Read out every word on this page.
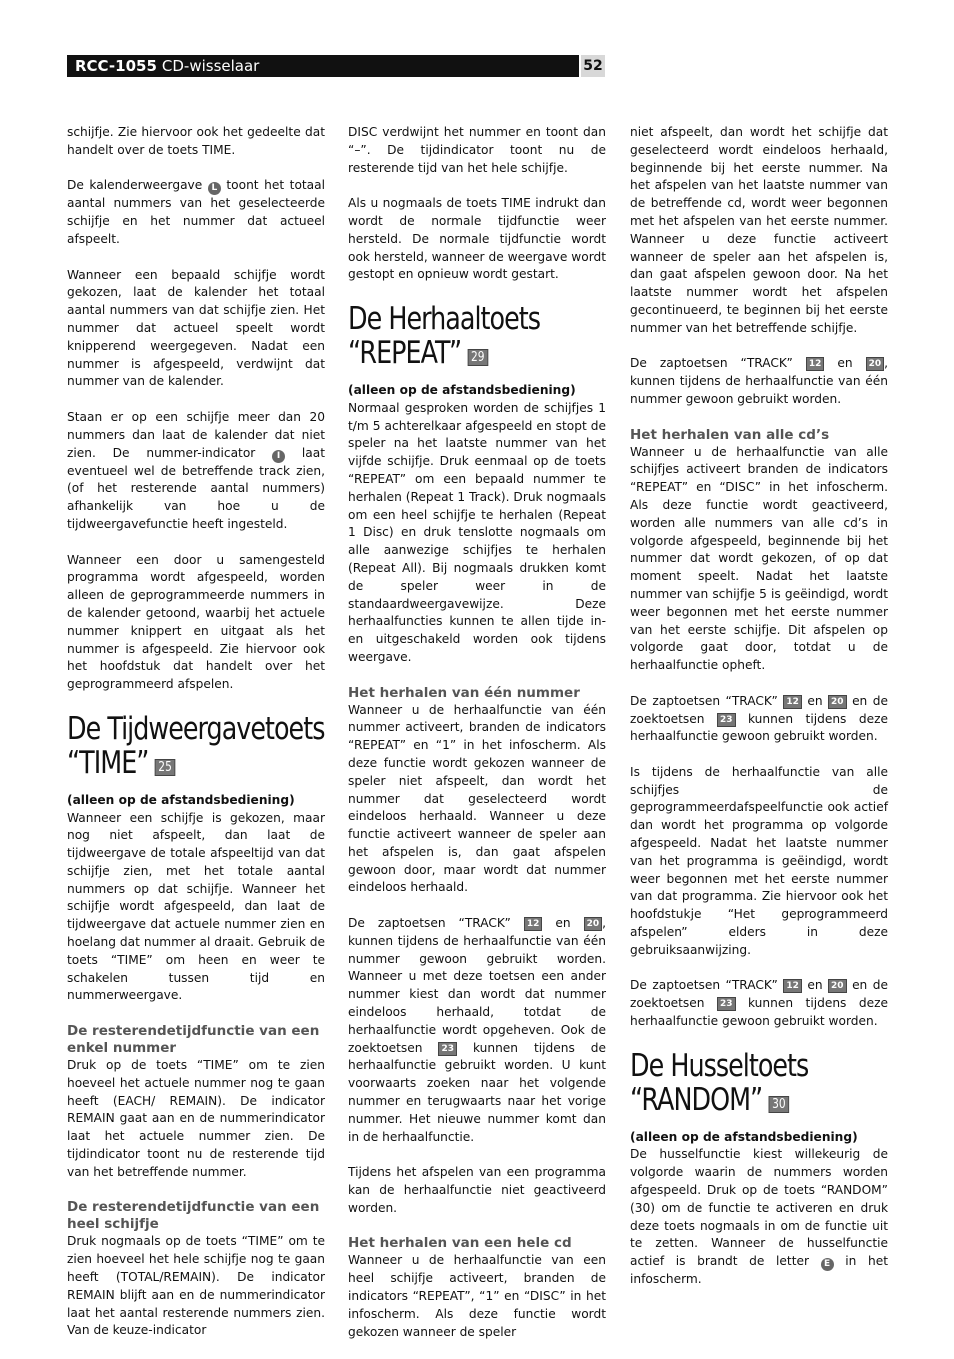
RCC-1055 CD-wisselaar	52

schijfje. Zie hiervoor ook het gedeelte dat handelt over de toets TIME.

De kalenderweergave L toont het totaal aantal nummers van het geselecteerde schijfje en het nummer dat actueel afspeelt.

Wanneer een bepaald schijfje wordt gekozen, laat de kalender het totaal aantal nummers van dat schijfje zien. Het nummer dat actueel speelt wordt knipperend weergegeven. Nadat een nummer is afgespeeld, verdwijnt dat nummer van de kalender.

Staan er op een schijfje meer dan 20 nummers dan laat de kalender dat niet zien. De nummer-indicator I laat eventueel wel de betreffende track zien, (of het resterende aantal nummers) afhankelijk van hoe u de tijdweergavefunctie heeft ingesteld.

Wanneer een door u samengesteld programma wordt afgespeeld, worden alleen de geprogrammeerde nummers in de kalender getoond, waarbij het actuele nummer knippert en uitgaat als het nummer is afgespeeld. Zie hiervoor ook het hoofdstuk dat handelt over het geprogrammeerd afspelen.

De Tijdweergavetoets
“TIME” 25

(alleen op de afstandsbediening)

Wanneer een schijfje is gekozen, maar nog niet afspeelt, dan laat de tijdweergave de totale afspeeltijd van dat schijfje zien, met het totale aantal nummers op dat schijfje. Wanneer het schijfje wordt afgespeeld, dan laat de tijdweergave dat actuele nummer zien en hoelang dat nummer al draait. Gebruik de toets “TIME” om heen en weer te schakelen tussen tijd en nummerweergave.

De resterendetijdfunctie van een enkel nummer

Druk op de toets “TIME” om te zien hoeveel het actuele nummer nog te gaan heeft (EACH/ REMAIN). De indicator REMAIN gaat aan en de nummerindicator laat het actuele nummer zien. De tijdindicator toont nu de resterende tijd van het betreffende nummer.

De resterendetijdfunctie van een heel schijfje

Druk nogmaals op de toets “TIME” om te zien hoeveel het hele schijfje nog te gaan heeft (TOTAL/REMAIN). De indicator REMAIN blijft aan en de nummerindicator laat het aantal resterende nummers zien. Van de keuze-indicator

DISC verdwijnt het nummer en toont dan “–”. De tijdindicator toont nu de resterende tijd van het hele schijfje.

Als u nogmaals de toets TIME indrukt dan wordt de normale tijdfunctie weer hersteld. De normale tijdfunctie wordt ook hersteld, wanneer de weergave wordt gestopt en opnieuw wordt gestart.

De Herhaaltoets
“REPEAT” 29

(alleen op de afstandsbediening)

Normaal gesproken worden de schijfjes 1 t/m 5 achterelkaar afgespeeld en stopt de speler na het laatste nummer van het vijfde schijfje. Druk eenmaal op de toets “REPEAT” om een bepaald nummer te herhalen (Repeat 1 Track). Druk nogmaals om een heel schijfje te herhalen (Repeat 1 Disc) en druk tenslotte nogmaals om alle aanwezige schijfjes te herhalen (Repeat All). Bij nogmaals drukken komt de speler weer in de standaardweergavewijze. Deze herhaalfuncties kunnen te allen tijde in- en uitgeschakeld worden ook tijdens weergave.

Het herhalen van één nummer

Wanneer u de herhaalfunctie van één nummer activeert, branden de indicators “REPEAT” en “1” in het infoscherm. Als deze functie wordt gekozen wanneer de speler niet afspeelt, dan wordt het nummer dat geselecteerd wordt eindeloos herhaald. Wanneer u deze functie activeert wanneer de speler aan het afspelen is, dan gaat afspelen gewoon door, maar wordt dat nummer eindeloos herhaald.

De zaptoetsen “TRACK” 12 en 20 , kunnen tijdens de herhaalfunctie van één nummer gewoon gebruikt worden. Wanneer u met deze toetsen een ander nummer kiest dan wordt dat nummer eindeloos herhaald, totdat de herhaalfunctie wordt opgeheven. Ook de zoektoetsen 23 kunnen tijdens de herhaalfunctie gebruikt worden. U kunt voorwaarts zoeken naar het volgende nummer en terugwaarts naar het vorige nummer. Het nieuwe nummer komt dan in de herhaalfunctie.

Tijdens het afspelen van een programma kan de herhaalfunctie niet geactiveerd worden.

Het herhalen van een hele cd

Wanneer u de herhaalfunctie van een heel schijfje activeert, branden de indicators “REPEAT”, “1” en “DISC” in het infoscherm. Als deze functie wordt gekozen wanneer de speler

niet afspeelt, dan wordt het schijfje dat geselecteerd wordt eindeloos herhaald, beginnende bij het eerste nummer. Na het afspelen van het laatste nummer van de betreffende cd, wordt weer begonnen met het afspelen van het eerste nummer. Wanneer u deze functie activeert wanneer de speler aan het afspelen is, dan gaat afspelen gewoon door. Na het laatste nummer wordt het afspelen gecontinueerd, te beginnen bij het eerste nummer van het betreffende schijfje.

De zaptoetsen “TRACK” 12 en 20 , kunnen tijdens de herhaalfunctie van één nummer gewoon gebruikt worden.

Het herhalen van alle cd’s

Wanneer u de herhaalfunctie van alle schijfjes activeert branden de indicators “REPEAT” en “DISC” in het infoscherm. Als deze functie wordt geactiveerd, worden alle nummers van alle cd’s in volgorde afgespeeld, beginnende bij het nummer dat wordt gekozen, of op dat moment speelt. Nadat het laatste nummer van schijfje 5 is geëindigd, wordt weer begonnen met het eerste nummer van het eerste schijfje. Dit afspelen op volgorde gaat door, totdat u de herhaalfunctie opheft.

De zaptoetsen “TRACK” 12 en 20 en de zoektoetsen 23 kunnen tijdens deze herhaalfunctie gewoon gebruikt worden.

Is tijdens de herhaalfunctie van alle schijfjes de geprogrammeerdafspeelfunctie ook actief dan wordt het programma op volgorde afgespeeld. Nadat het laatste nummer van het programma is geëindigd, wordt weer begonnen met het eerste nummer van dat programma. Zie hiervoor ook het hoofdstukje “Het geprogrammeerd afspelen” elders in deze gebruiksaanwijzing.

De zaptoetsen “TRACK” 12 en 20 en de zoektoetsen 23 kunnen tijdens deze herhaalfunctie gewoon gebruikt worden.

De Husseltoets
“RANDOM” 30

(alleen op de afstandsbediening)

De husselfunctie kiest willekeurig de volgorde waarin de nummers worden afgespeeld. Druk op de toets “RANDOM” (30) om de functie te activeren en druk deze toets nogmaals in om de functie uit te zetten. Wanneer de husselfunctie actief is brandt de letter E in het infoscherm.
